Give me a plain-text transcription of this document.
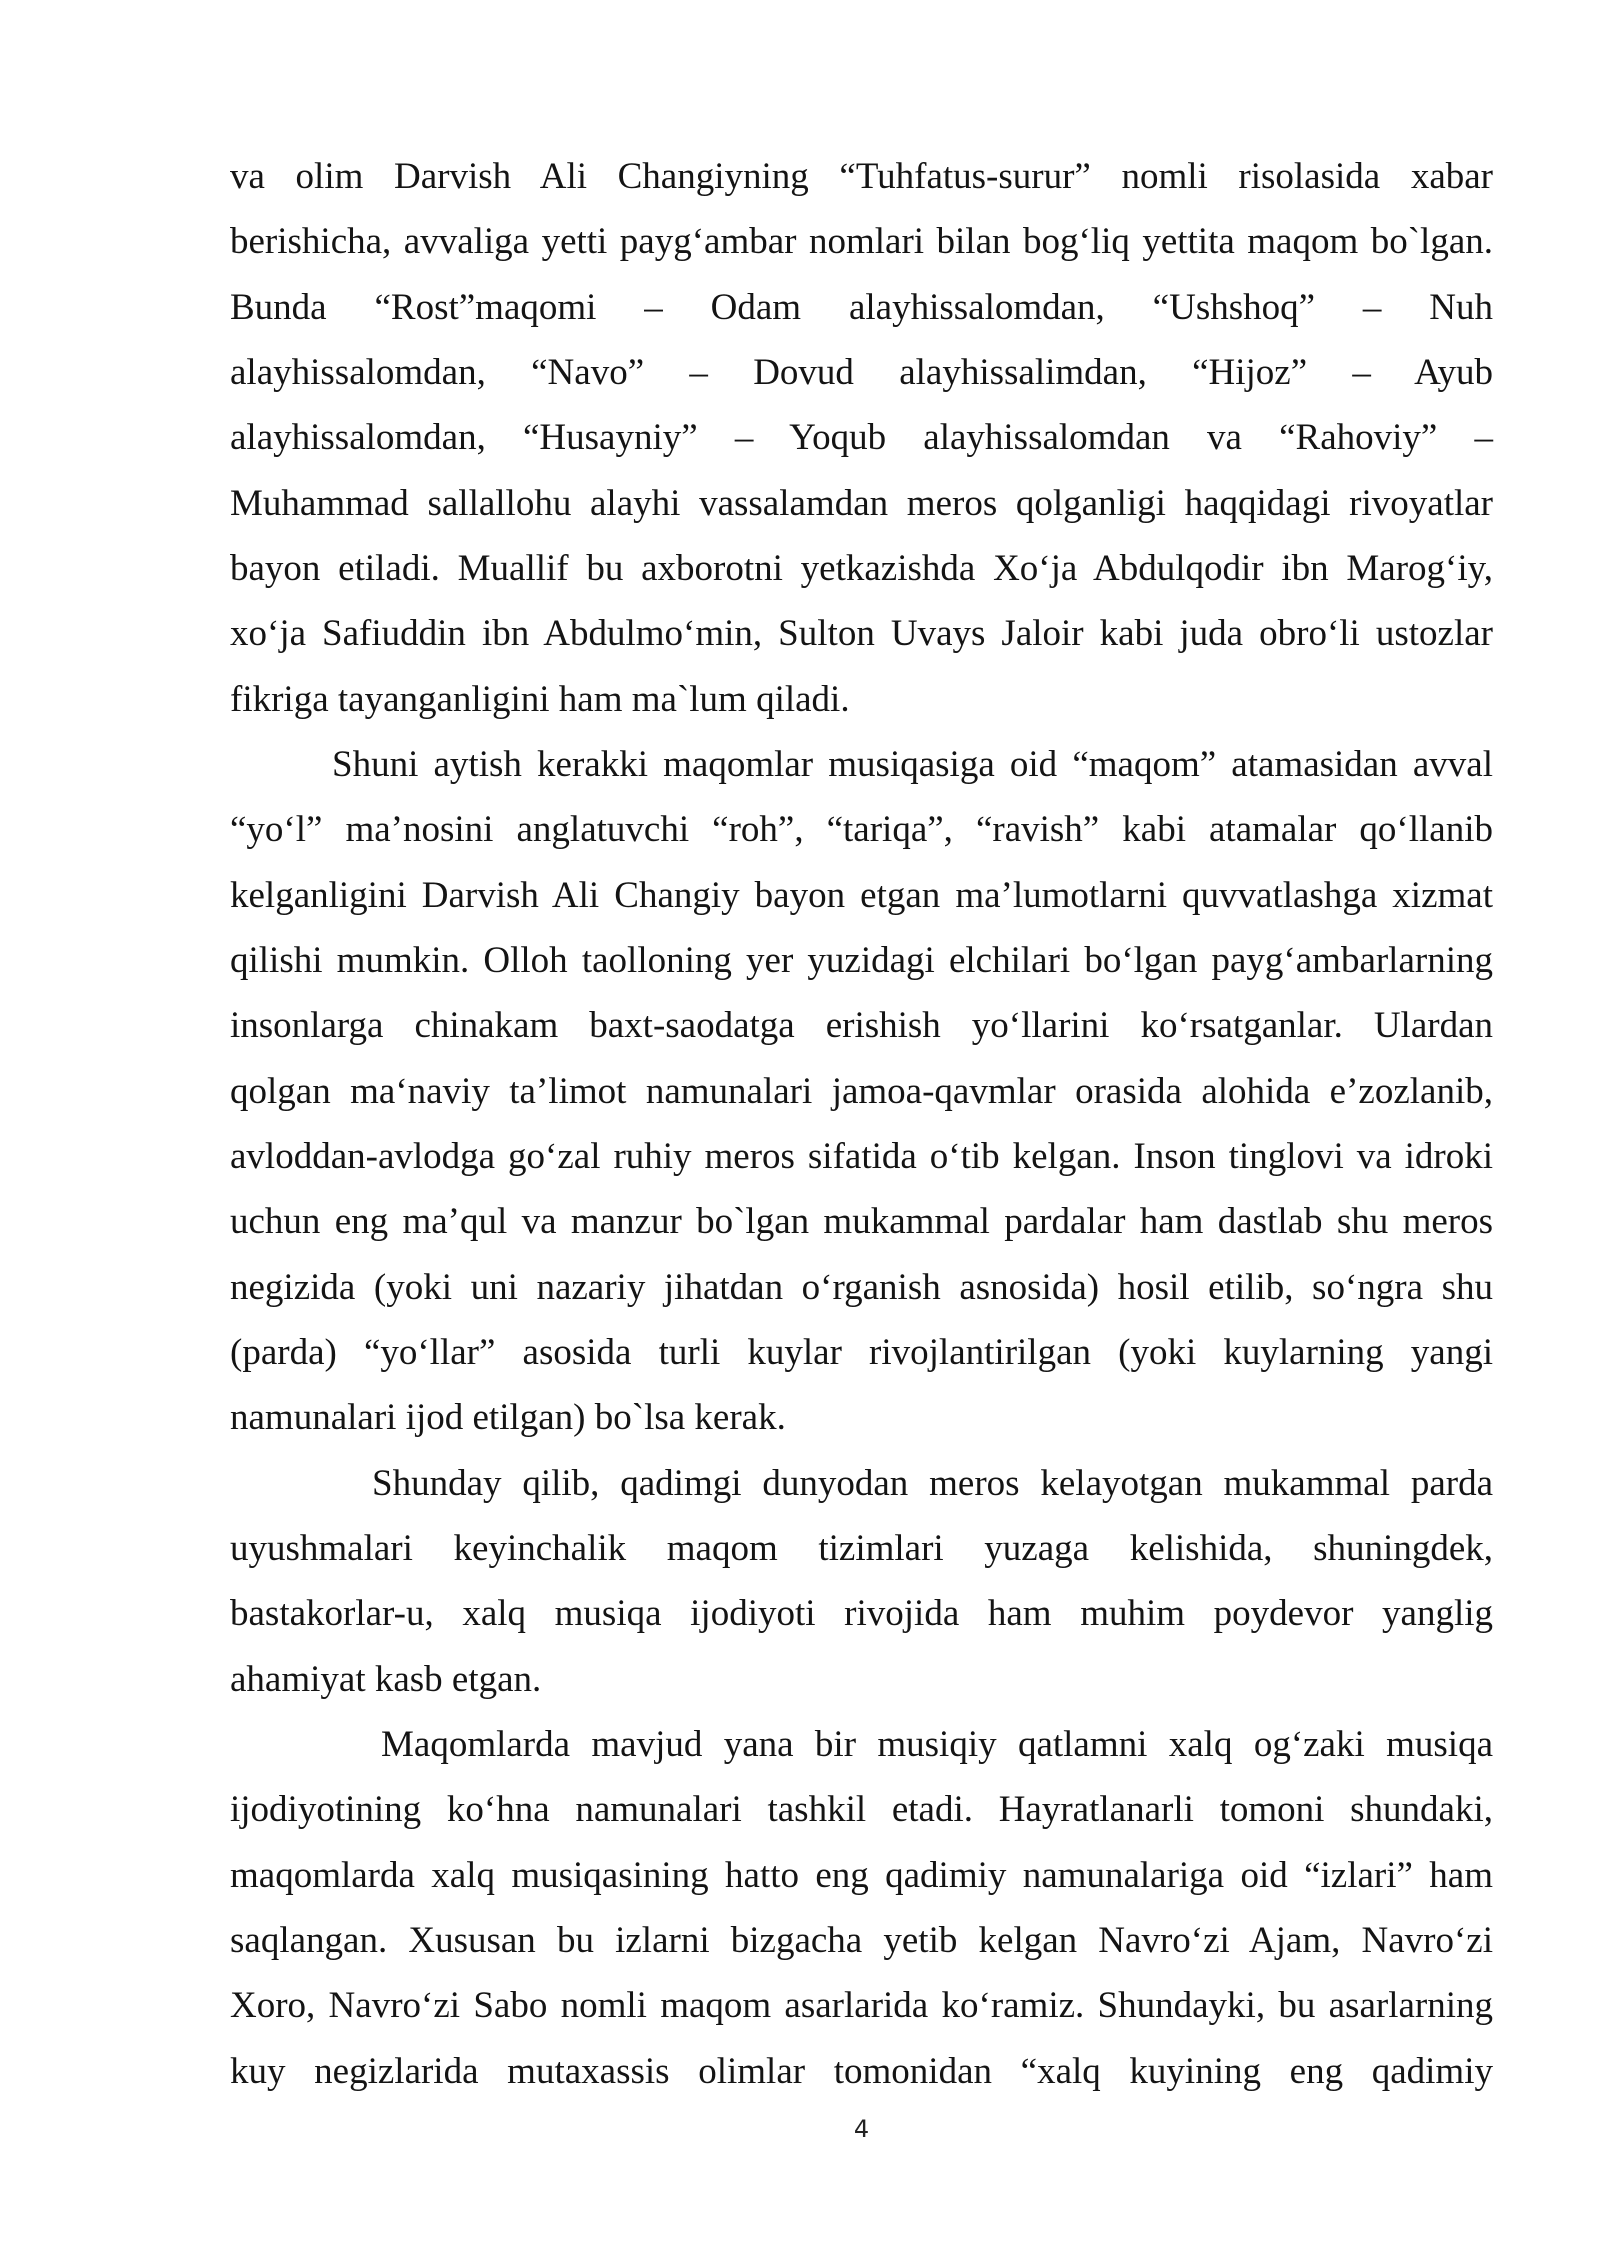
va olim Darvish Ali Changiyning “Tuhfatus-surur” nomli risolasida xabar
berishicha, avvaliga yetti payg‘ambar nomlari bilan bog‘liq yettita maqom bo`lgan.
Bunda “Rost”maqomi – Odam alayhissalomdan, “Ushshoq” – Nuh
alayhissalomdan, “Navo” – Dovud alayhissalimdan, “Hijoz” – Ayub
alayhissalomdan, “Husayniy” – Yoqub alayhissalomdan va “Rahoviy” –
Muhammad sallallohu alayhi vassalamdan meros qolganligi haqqidagi rivoyatlar
bayon etiladi. Muallif bu axborotni yetkazishda Xo‘ja Abdulqodir ibn Marog‘iy,
xo‘ja Safiuddin ibn Abdulmo‘min, Sulton Uvays Jaloir kabi juda obro‘li ustozlar
fikriga tayanganligini ham ma`lum qiladi.
Shuni aytish kerakki maqomlar musiqasiga oid “maqom” atamasidan avval
“yo‘l” ma’nosini anglatuvchi “roh”, “tariqa”, “ravish” kabi atamalar qo‘llanib
kelganligini Darvish Ali Changiy bayon etgan ma’lumotlarni quvvatlashga xizmat
qilishi mumkin. Olloh taolloning yer yuzidagi elchilari bo‘lgan payg‘ambarlarning
insonlarga chinakam baxt-saodatga erishish yo‘llarini ko‘rsatganlar. Ulardan
qolgan ma‘naviy ta’limot namunalari jamoa-qavmlar orasida alohida e’zozlanib,
avloddan-avlodga go‘zal ruhiy meros sifatida o‘tib kelgan. Inson tinglovi va idroki
uchun eng ma’qul va manzur bo`lgan mukammal pardalar ham dastlab shu meros
negizida (yoki uni nazariy jihatdan o‘rganish asnosida) hosil etilib, so‘ngra shu
(parda) “yo‘llar” asosida turli kuylar rivojlantirilgan (yoki kuylarning yangi
namunalari ijod etilgan) bo`lsa kerak.
Shunday qilib, qadimgi dunyodan meros kelayotgan mukammal parda
uyushmalari keyinchalik maqom tizimlari yuzaga kelishida, shuningdek,
bastakorlar-u, xalq musiqa ijodiyoti rivojida ham muhim poydevor yanglig
ahamiyat kasb etgan.
Maqomlarda mavjud yana bir musiqiy qatlamni xalq og‘zaki musiqa
ijodiyotining ko‘hna namunalari tashkil etadi. Hayratlanarli tomoni shundaki,
maqomlarda xalq musiqasining hatto eng qadimiy namunalariga oid “izlari” ham
saqlangan. Xususan bu izlarni bizgacha yetib kelgan Navro‘zi Ajam, Navro‘zi
Xoro, Navro‘zi Sabo nomli maqom asarlarida ko‘ramiz. Shundayki, bu asarlarning
kuy negizlarida mutaxassis olimlar tomonidan “xalq kuyining eng qadimiy
4
